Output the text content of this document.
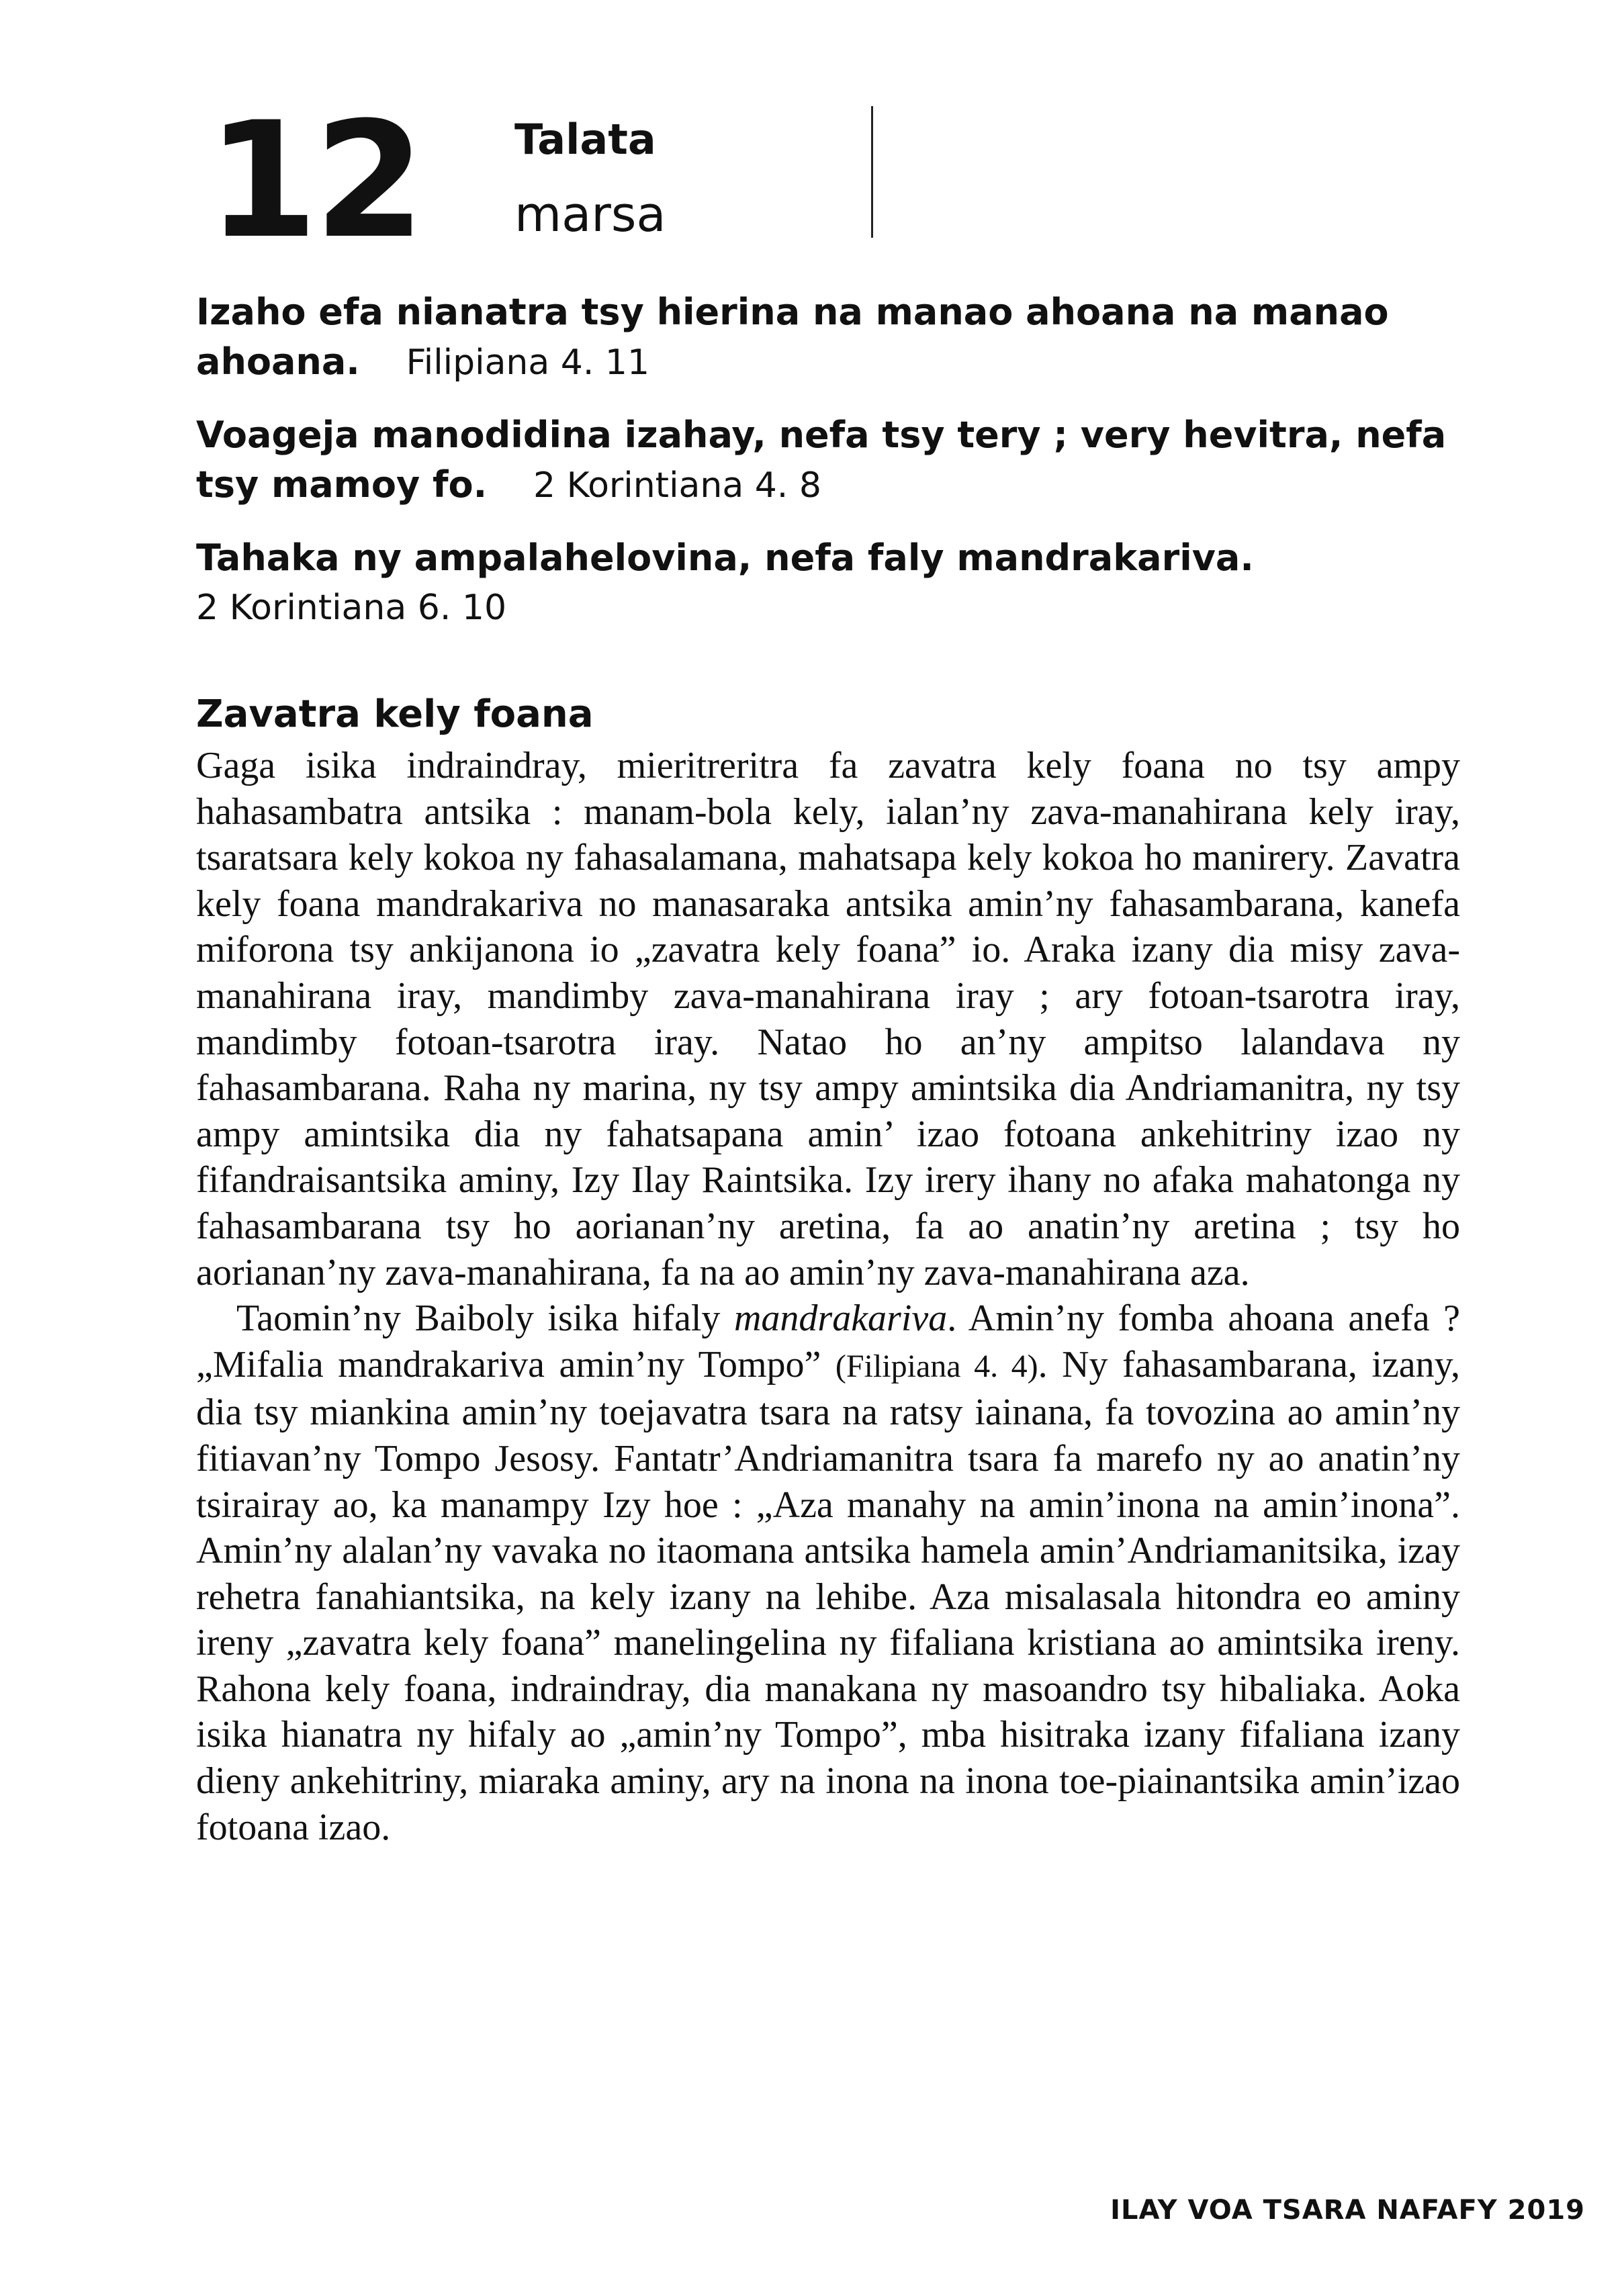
12 Talata
marsa

Izaho efa nianatra tsy hierina na manao ahoana na manao ahoana. Filipiana 4. 11

Voageja manodidina izahay, nefa tsy tery ; very hevitra, nefa tsy mamoy fo. 2 Korintiana 4. 8

Tahaka ny ampalahelovina, nefa faly mandrakariva.
2 Korintiana 6. 10

Zavatra kely foana

Gaga isika indraindray, mieritreritra fa zavatra kely foana no tsy ampy hahasambatra antsika : manam-bola kely, ialan’ny zava-manahirana kely iray, tsaratsara kely kokoa ny fahasalamana, mahatsapa kely kokoa ho manirery. Zavatra kely foana mandrakariva no manasaraka antsika amin’ny fahasambarana, kanefa miforona tsy ankijanona io „zavatra kely foana” io. Araka izany dia misy zava-manahirana iray, mandimby zava-manahirana iray ; ary fotoan-tsarotra iray, mandimby fotoan-tsarotra iray. Natao ho an’ny ampitso lalandava ny fahasambarana. Raha ny marina, ny tsy ampy amintsika dia Andriamanitra, ny tsy ampy amintsika dia ny fahatsapana amin’ izao fotoana ankehitriny izao ny fifandraisantsika aminy, Izy Ilay Raintsika. Izy irery ihany no afaka mahatonga ny fahasambarana tsy ho aorianan’ny aretina, fa ao anatin’ny aretina ; tsy ho aorianan’ny zava-manahirana, fa na ao amin’ny zava-manahirana aza.

Taomin’ny Baiboly isika hifaly mandrakariva. Amin’ny fomba ahoana anefa ? „Mifalia mandrakariva amin’ny Tompo” (Filipiana 4. 4). Ny fahasambarana, izany, dia tsy miankina amin’ny toejavatra tsara na ratsy iainana, fa tovozina ao amin’ny fitiavan’ny Tompo Jesosy. Fantatr’Andriamanitra tsara fa marefo ny ao anatin’ny tsirairay ao, ka manampy Izy hoe : „Aza manahy na amin’inona na amin’inona”. Amin’ny alalan’ny vavaka no itaomana antsika hamela amin’Andriamanitsika, izay rehetra fanahiantsika, na kely izany na lehibe. Aza misalasala hitondra eo aminy ireny „zavatra kely foana” manelingelina ny fifaliana kristiana ao amintsika ireny. Rahona kely foana, indraindray, dia manakana ny masoandro tsy hibaliaka. Aoka isika hianatra ny hifaly ao „amin’ny Tompo”, mba hisitraka izany fifaliana izany dieny ankehitriny, miaraka aminy, ary na inona na inona toe-piainantsika amin’izao fotoana izao.

ILAY VOA TSARA NAFAFY 2019
